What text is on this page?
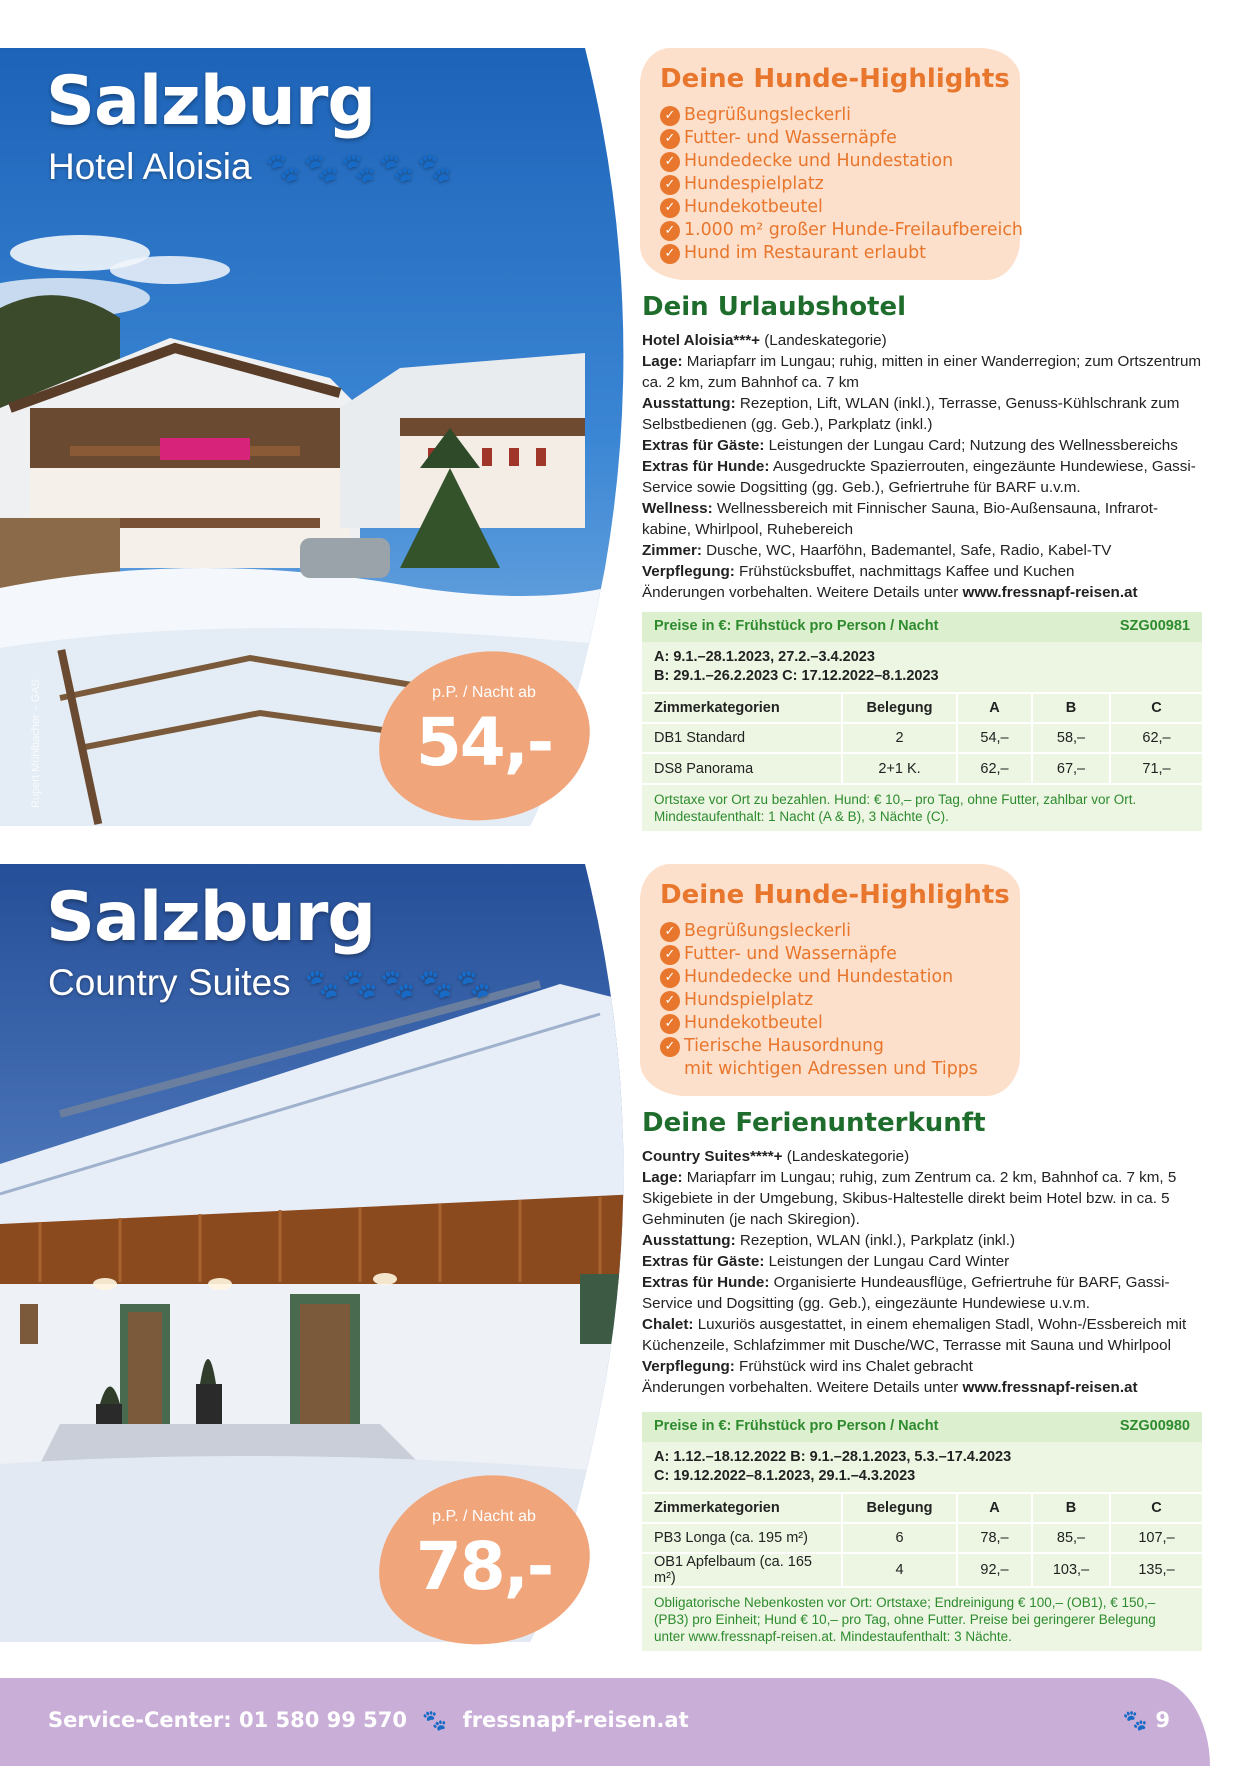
Salzburg
Hotel Aloisia 🐾🐾🐾🐾🐾
Rupert Mühlbacher – GAS	p.P. / Nacht ab
54,-
Deine Hunde-Highlights
✓ Begrüßungsleckerli
✓ Futter- und Wassernäpfe
✓ Hundedecke und Hundestation
✓ Hundespielplatz
✓ Hundekotbeutel
✓ 1.000 m² großer Hunde-Freilaufbereich
✓ Hund im Restaurant erlaubt
Dein Urlaubshotel

Hotel Aloisia***+ (Landeskategorie)
Lage: Mariapfarr im Lungau; ruhig, mitten in einer Wanderregion; zum Ortszentrum ca. 2 km, zum Bahnhof ca. 7 km
Ausstattung: Rezeption, Lift, WLAN (inkl.), Terrasse, Genuss-Kühlschrank zum Selbstbedienen (gg. Geb.), Parkplatz (inkl.)
Extras für Gäste: Leistungen der Lungau Card; Nutzung des Wellnessbereichs
Extras für Hunde: Ausgedruckte Spazierrouten, eingezäunte Hundewiese, Gassi-Service sowie Dogsitting (gg. Geb.), Gefriertruhe für BARF u.v.m.
Wellness: Wellnessbereich mit Finnischer Sauna, Bio-Außensauna, Infrarot-kabine, Whirlpool, Ruhebereich
Zimmer: Dusche, WC, Haarföhn, Bademantel, Safe, Radio, Kabel-TV
Verpflegung: Frühstücksbuffet, nachmittags Kaffee und Kuchen
Änderungen vorbehalten. Weitere Details unter www.fressnapf-reisen.at

Preise in €: Frühstück pro Person / Nacht	SZG00981
A: 9.1.–28.1.2023, 27.2.–3.4.2023
B: 29.1.–26.2.2023 C: 17.12.2022–8.1.2023
Zimmerkategorien	Belegung	A	B	C
DB1 Standard	2	54,–	58,–	62,–
DS8 Panorama	2+1 K.	62,–	67,–	71,–
Ortstaxe vor Ort zu bezahlen. Hund: € 10,– pro Tag, ohne Futter, zahlbar vor Ort. Mindestaufenthalt: 1 Nacht (A & B), 3 Nächte (C).
Salzburg
Country Suites 🐾🐾🐾🐾🐾
p.P. / Nacht ab
78,-
Deine Hunde-Highlights
✓ Begrüßungsleckerli
✓ Futter- und Wassernäpfe
✓ Hundedecke und Hundestation
✓ Hundspielplatz
✓ Hundekotbeutel
✓ Tierische Hausordnung
mit wichtigen Adressen und Tipps
Deine Ferienunterkunft

Country Suites****+ (Landeskategorie)
Lage: Mariapfarr im Lungau; ruhig, zum Zentrum ca. 2 km, Bahnhof ca. 7 km, 5 Skigebiete in der Umgebung, Skibus-Haltestelle direkt beim Hotel bzw. in ca. 5 Gehminuten (je nach Skiregion).
Ausstattung: Rezeption, WLAN (inkl.), Parkplatz (inkl.)
Extras für Gäste: Leistungen der Lungau Card Winter
Extras für Hunde: Organisierte Hundeausflüge, Gefriertruhe für BARF, Gassi-Service und Dogsitting (gg. Geb.), eingezäunte Hundewiese u.v.m.
Chalet: Luxuriös ausgestattet, in einem ehemaligen Stadl, Wohn-/Essbereich mit Küchenzeile, Schlafzimmer mit Dusche/WC, Terrasse mit Sauna und Whirlpool
Verpflegung: Frühstück wird ins Chalet gebracht
Änderungen vorbehalten. Weitere Details unter www.fressnapf-reisen.at

Preise in €: Frühstück pro Person / Nacht	SZG00980
A: 1.12.–18.12.2022 B: 9.1.–28.1.2023, 5.3.–17.4.2023
C: 19.12.2022–8.1.2023, 29.1.–4.3.2023
Zimmerkategorien	Belegung	A	B	C
PB3 Longa (ca. 195 m²)	6	78,–	85,–	107,–
OB1 Apfelbaum (ca. 165 m²)	4	92,–	103,–	135,–
Obligatorische Nebenkosten vor Ort: Ortstaxe; Endreinigung € 100,– (OB1), € 150,– (PB3) pro Einheit; Hund € 10,– pro Tag, ohne Futter. Preise bei geringerer Belegung unter www.fressnapf-reisen.at. Mindestaufenthalt: 3 Nächte.
Service-Center: 01 580 99 570 🐾 fressnapf-reisen.at	🐾 9
